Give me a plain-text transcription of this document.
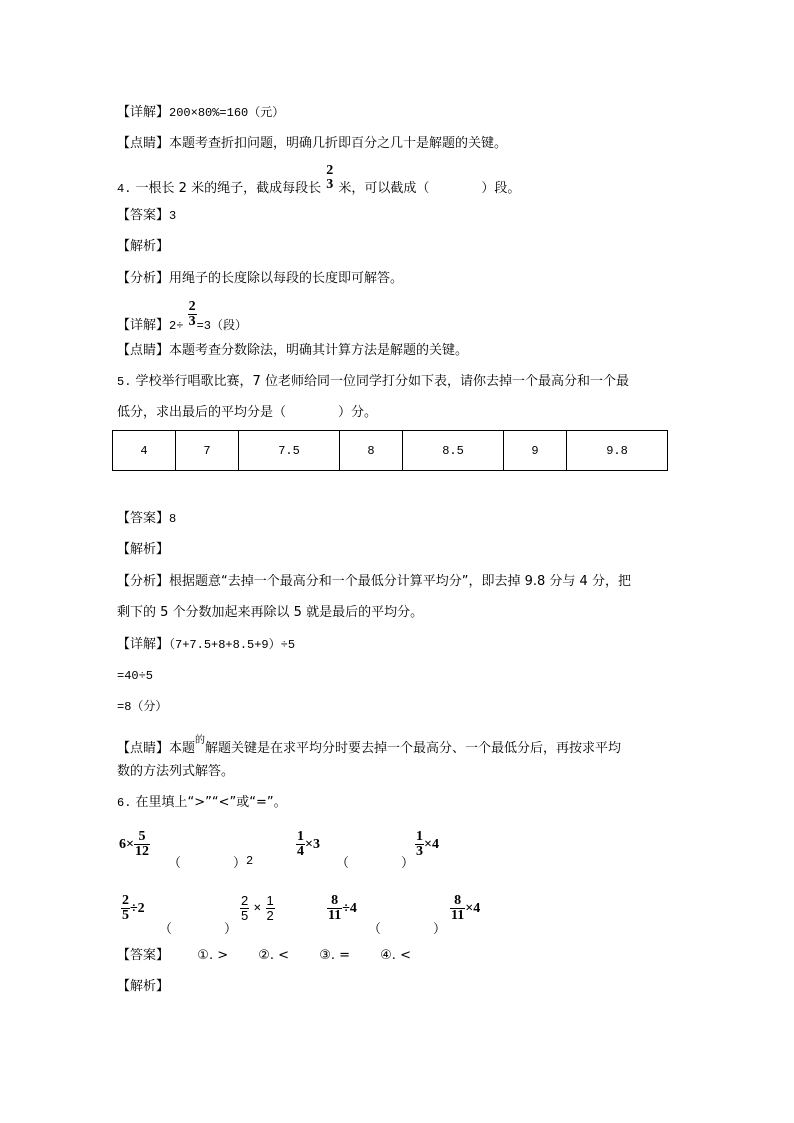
【详解】200×80%=160（元）
【点睛】本题考查折扣问题，明确几折即百分之几十是解题的关键。
4. 一根长 2 米的绳子，截成每段长
2
3 米，可以截成（　　　　）段。
【答案】3
【解析】
【分析】用绳子的长度除以每段的长度即可解答。
【详解】$2\div \frac{2}{3} =3$（段）
【点睛】本题考查分数除法，明确其计算方法是解题的关键。
5. 学校举行唱歌比赛，7 位老师给同一位同学打分如下表，请你去掉一个最高分和一个最
低分，求出最后的平均分是（　　　　）分。
4	7	7.5	8	8.5	9	9.8
【答案】8
【解析】
【分析】根据题意“去掉一个最高分和一个最低分计算平均分”，即去掉 9.8 分与 4 分，把
剩下的 5 个分数加起来再除以 5 就是最后的平均分。
【详解】（7+7.5+8+8.5+9）÷5
=40÷5
=8（分）
【点睛】本题$^的$解题关键是在求平均分时要去掉一个最高分、一个最低分后，再按求平均
数的方法列式解答。
6. 在里填上“>”“<”或“=”。
$6\times \frac{5}{12}$
（　　　　） 2
$\frac{1}{4} \times 3$
（　　　　）
$\frac{1}{3} \times 4$
$\frac{2}{5} \div 2$
（　　　　）
$\frac{2}{5} \times \frac{1}{2}$	$\frac{8}{11} \div 4$
（　　　　）
$\frac{8}{11} \times 4$
【答案】 ①. > ②. < ③. = ④. <
【解析】
